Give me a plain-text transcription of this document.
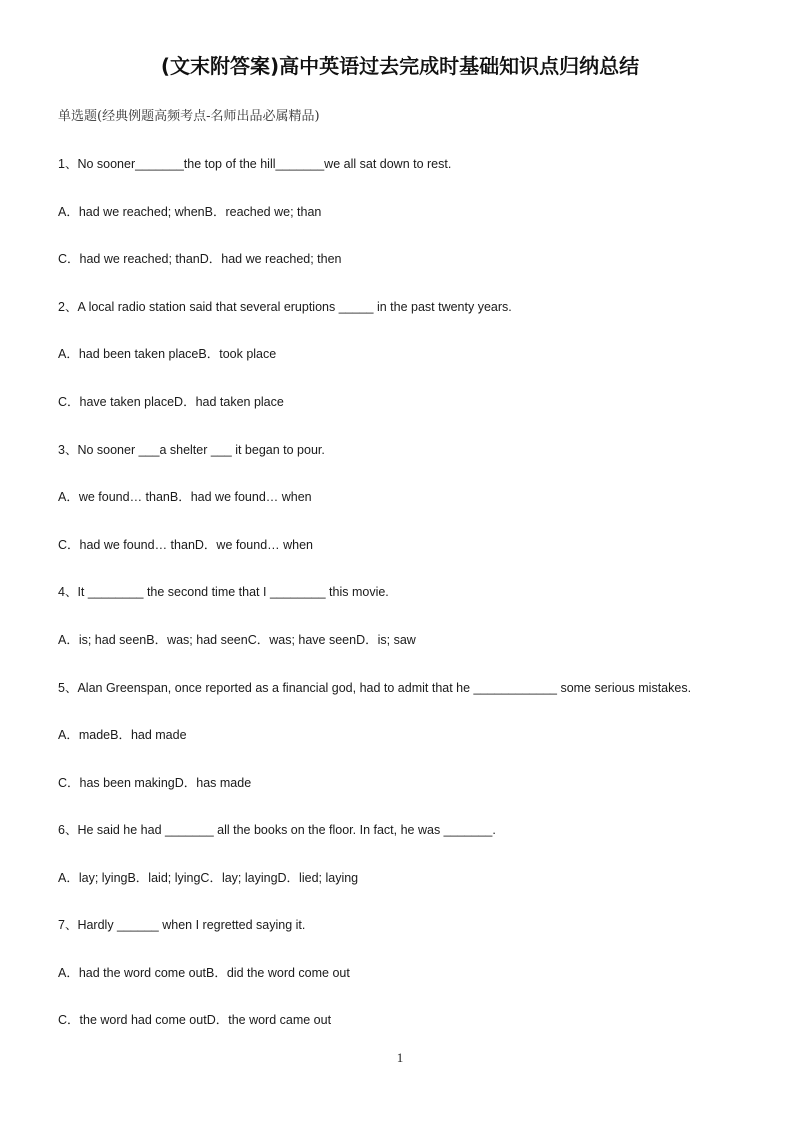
(文末附答案)高中英语过去完成时基础知识点归纳总结
单选题(经典例题高频考点-名师出品必属精品)
1、No sooner_______the top of the hill_______we all sat down to rest.
A．had we reached; whenB．reached we; than
C．had we reached; thanD．had we reached; then
2、A local radio station said that several eruptions _____ in the past twenty years.
A．had been taken placeB．took place
C．have taken placeD．had taken place
3、No sooner ___a shelter ___ it began to pour.
A．we found… thanB．had we found… when
C．had we found… thanD．we found… when
4、It ________ the second time that I ________ this movie.
A．is; had seenB．was; had seenC．was; have seenD．is; saw
5、Alan Greenspan, once reported as a financial god, had to admit that he ____________ some serious mistakes.
A．madeB．had made
C．has been makingD．has made
6、He said he had _______ all the books on the floor. In fact, he was _______.
A．lay; lyingB．laid; lyingC．lay; layingD．lied; laying
7、Hardly ______ when I regretted saying it.
A．had the word come outB．did the word come out
C．the word had come outD．the word came out
1
